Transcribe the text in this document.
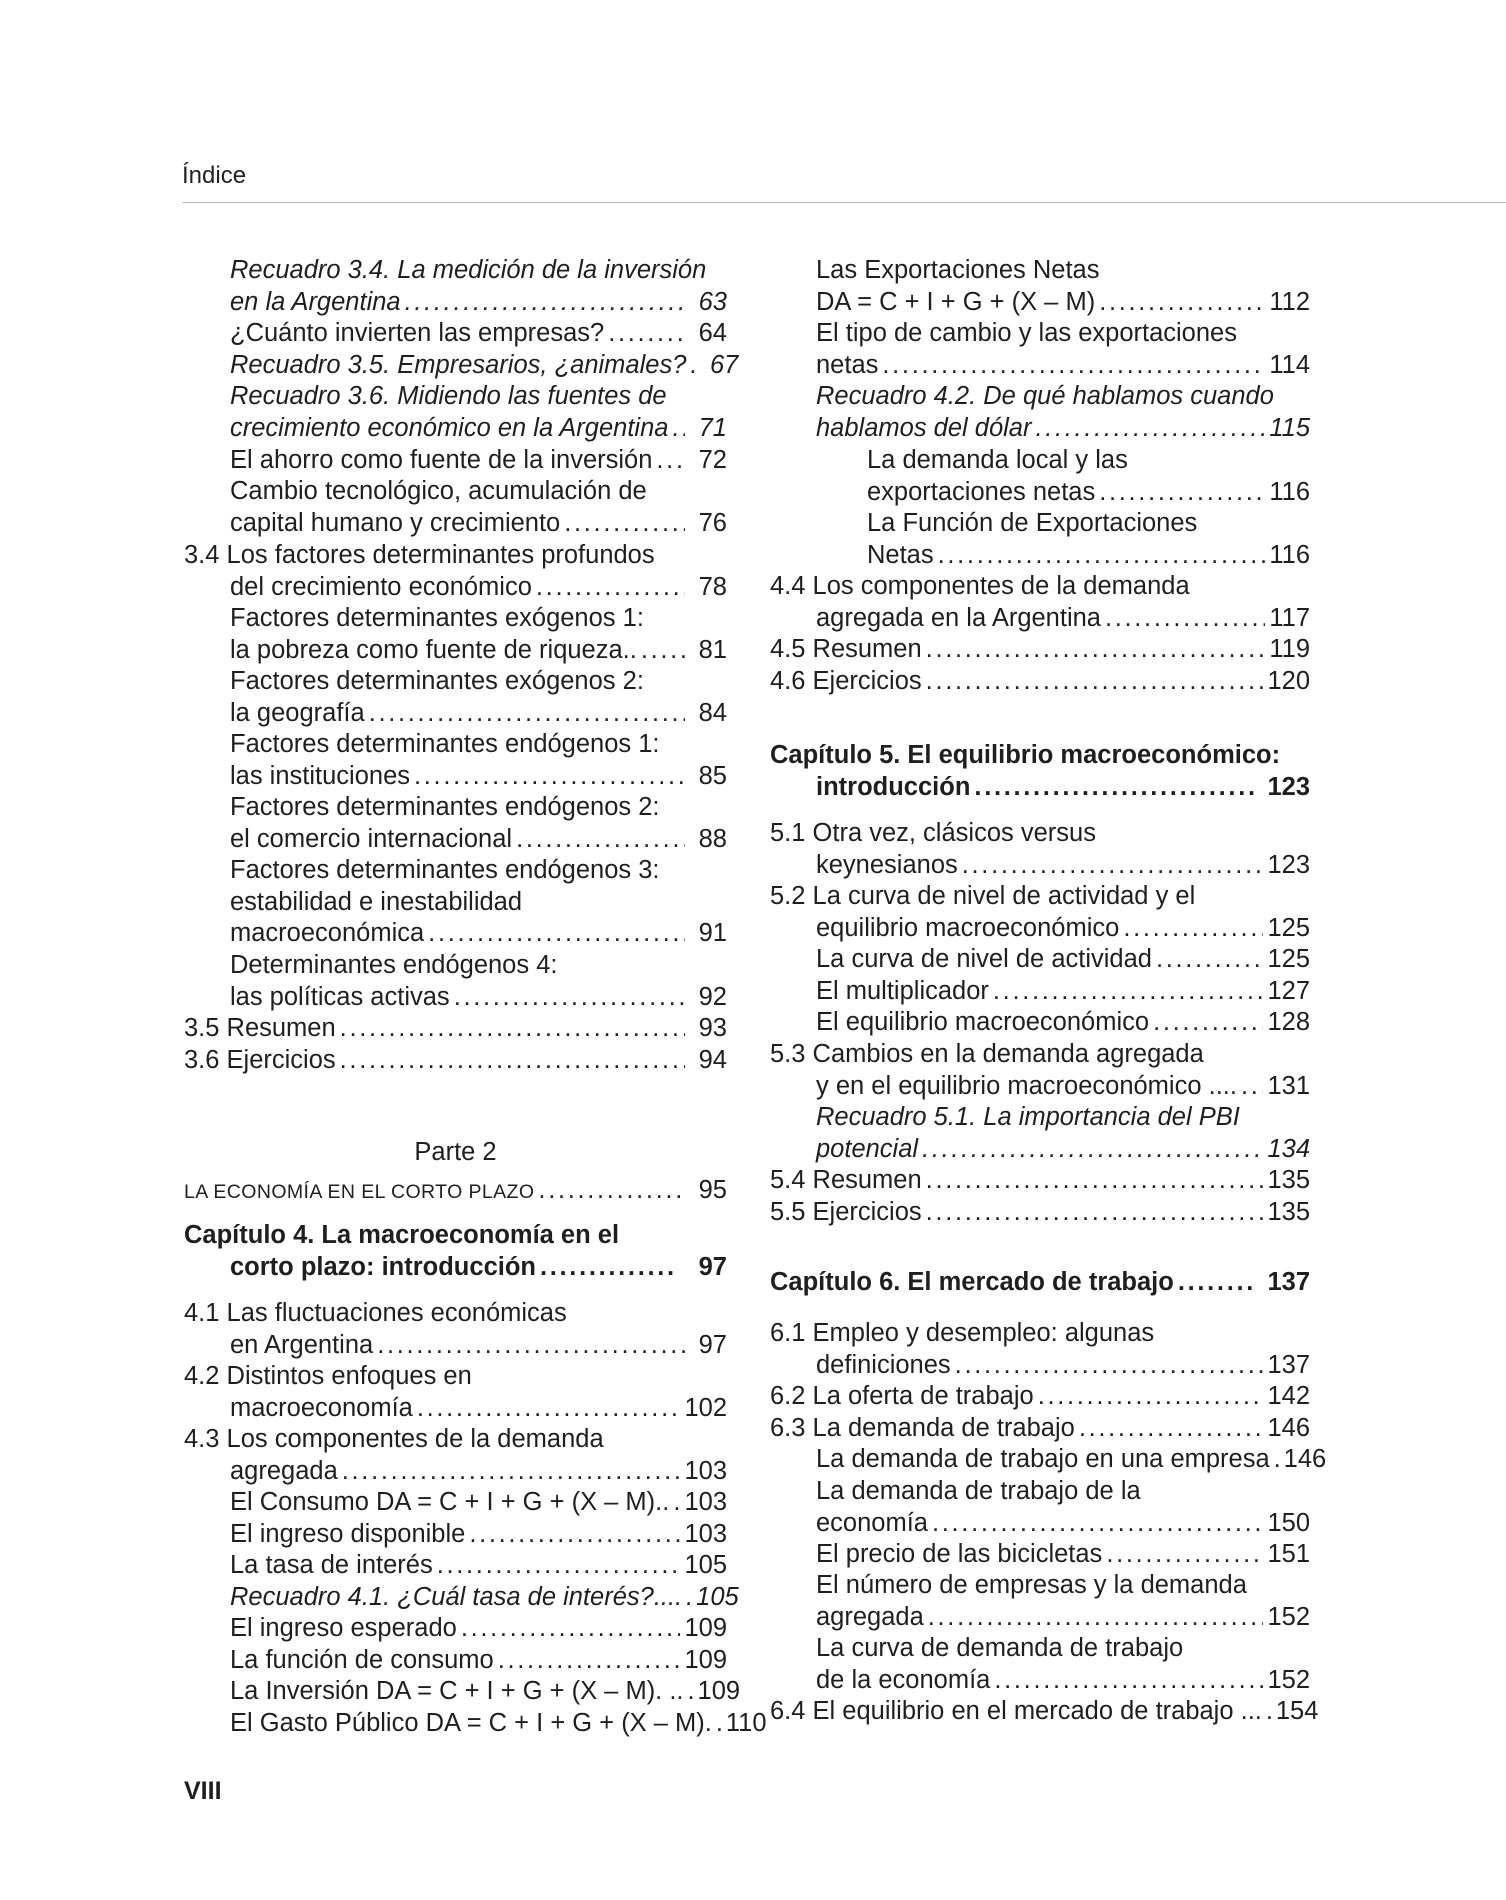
Índice
Recuadro 3.4. La medición de la inversión
en la Argentina . . .	63
¿Cuánto invierten las empresas? . . .	64
Recuadro 3.5. Empresarios, ¿animales? . . . 67
Recuadro 3.6. Midiendo las fuentes de
crecimiento económico en la Argentina . . .	71
El ahorro como fuente de la inversión . . .	72
Cambio tecnológico, acumulación de
capital humano y crecimiento . . .	76
3.4 Los factores determinantes profundos
del crecimiento económico . . .	78
Factores determinantes exógenos 1:
la pobreza como fuente de riqueza.. . . .	81
Factores determinantes exógenos 2:
la geografía . . .	84
Factores determinantes endógenos 1:
las instituciones . . .	85
Factores determinantes endógenos 2:
el comercio internacional . . .	88
Factores determinantes endógenos 3:
estabilidad e inestabilidad
macroeconómica . . .	91
Determinantes endógenos 4:
las políticas activas . . .	92
3.5 Resumen . . .	93
3.6 Ejercicios . . .	94
LA ECONOMÍA EN EL CORTO PLAZO . . .	95
Capítulo 4. La macroeconomía en el
corto plazo: introducción . . .	97
4.1 Las fluctuaciones económicas
en Argentina . . .	97
4.2 Distintos enfoques en
macroeconomía . . .	102
4.3 Los componentes de la demanda
agregada . . .	103
El Consumo DA = C + I + G + (X – M).. . . . 103
El ingreso disponible . . .	103
La tasa de interés . . .	105
Recuadro 4.1. ¿Cuál tasa de interés?.... . . . 105
El ingreso esperado . . .	109
La función de consumo . . .	109
La Inversión DA = C + I + G + (X – M). .. . . . 109
El Gasto Público DA = C + I + G + (X – M). . . . 110
Parte 2
Las Exportaciones Netas
DA = C + I + G + (X – M) . . .	112
El tipo de cambio y las exportaciones
netas . . .	114
Recuadro 4.2. De qué hablamos cuando
hablamos del dólar . . .	115
La demanda local y las
exportaciones netas . . .	116
La Función de Exportaciones
Netas . . .	116
4.4 Los componentes de la demanda
agregada en la Argentina . . .	117
4.5 Resumen . . .	119
4.6 Ejercicios . . .	120
Capítulo 5. El equilibrio macroeconómico:
introducción . . .	123
5.1 Otra vez, clásicos versus
keynesianos . . .	123
5.2 La curva de nivel de actividad y el
equilibrio macroeconómico . . .	125
La curva de nivel de actividad . . .	125
El multiplicador . . .	127
El equilibrio macroeconómico . . .	128
5.3 Cambios en la demanda agregada
y en el equilibrio macroeconómico .... . . . 131
Recuadro 5.1. La importancia del PBI
potencial . . .	134
5.4 Resumen . . .	135
5.5 Ejercicios . . .	135
Capítulo 6. El mercado de trabajo . . .	137
6.1 Empleo y desempleo: algunas
definiciones . . .	137
6.2 La oferta de trabajo . . .	142
6.3 La demanda de trabajo . . .	146
La demanda de trabajo en una empresa . . . 146
La demanda de trabajo de la
economía . . .	150
El precio de las bicicletas . . .	151
El número de empresas y la demanda
agregada . . .	152
La curva de demanda de trabajo
de la economía . . .	152
6.4 El equilibrio en el mercado de trabajo ... . . . 154
VIII
